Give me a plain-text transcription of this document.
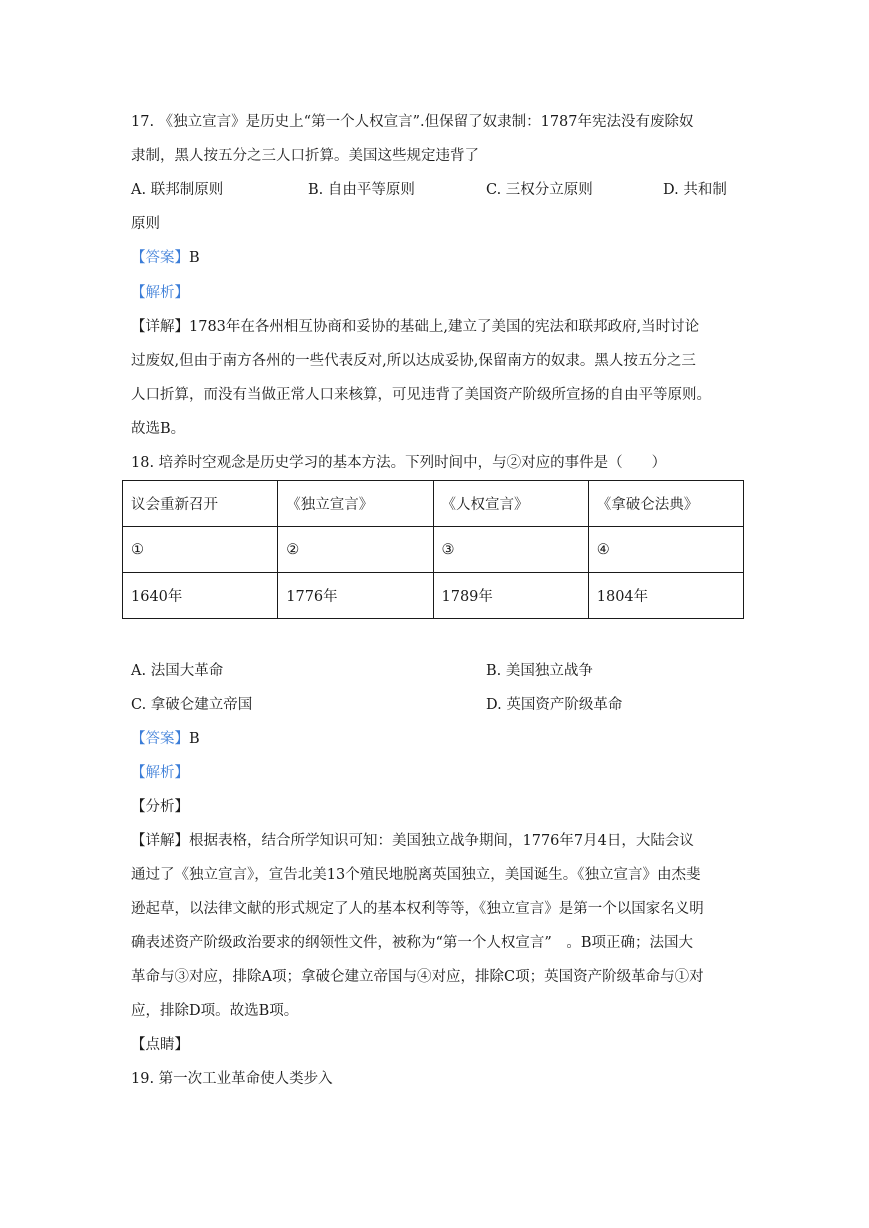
17. 《独立宣言》是历史上“第一个人权宣言”.但保留了奴隶制：1787年宪法没有废除奴
隶制，黑人按五分之三人口折算。美国这些规定违背了
A. 联邦制原则	B. 自由平等原则	C. 三权分立原则	D. 共和制
原则
【答案】B
【解析】
【详解】1783年在各州相互协商和妥协的基础上,建立了美国的宪法和联邦政府,当时讨论
过废奴,但由于南方各州的一些代表反对,所以达成妥协,保留南方的奴隶。黑人按五分之三
人口折算，而没有当做正常人口来核算，可见违背了美国资产阶级所宣扬的自由平等原则。
故选B。
18. 培养时空观念是历史学习的基本方法。下列时间中，与②对应的事件是（　　）
议会重新召开	《独立宣言》	《人权宣言》	《拿破仑法典》
①	②	③	④
1640年	1776年	1789年	1804年
A. 法国大革命	B. 美国独立战争
C. 拿破仑建立帝国	D. 英国资产阶级革命
【答案】B
【解析】
【分析】
【详解】根据表格，结合所学知识可知：美国独立战争期间，1776年7月4日，大陆会议
通过了《独立宣言》，宣告北美13个殖民地脱离英国独立，美国诞生。《独立宣言》由杰斐
逊起草，以法律文献的形式规定了人的基本权利等等，《独立宣言》是第一个以国家名义明
确表述资产阶级政治要求的纲领性文件，被称为“第一个人权宣言”　。B项正确；法国大
革命与③对应，排除A项；拿破仑建立帝国与④对应，排除C项；英国资产阶级革命与①对
应，排除D项。故选B项。
【点睛】
19. 第一次工业革命使人类步入
